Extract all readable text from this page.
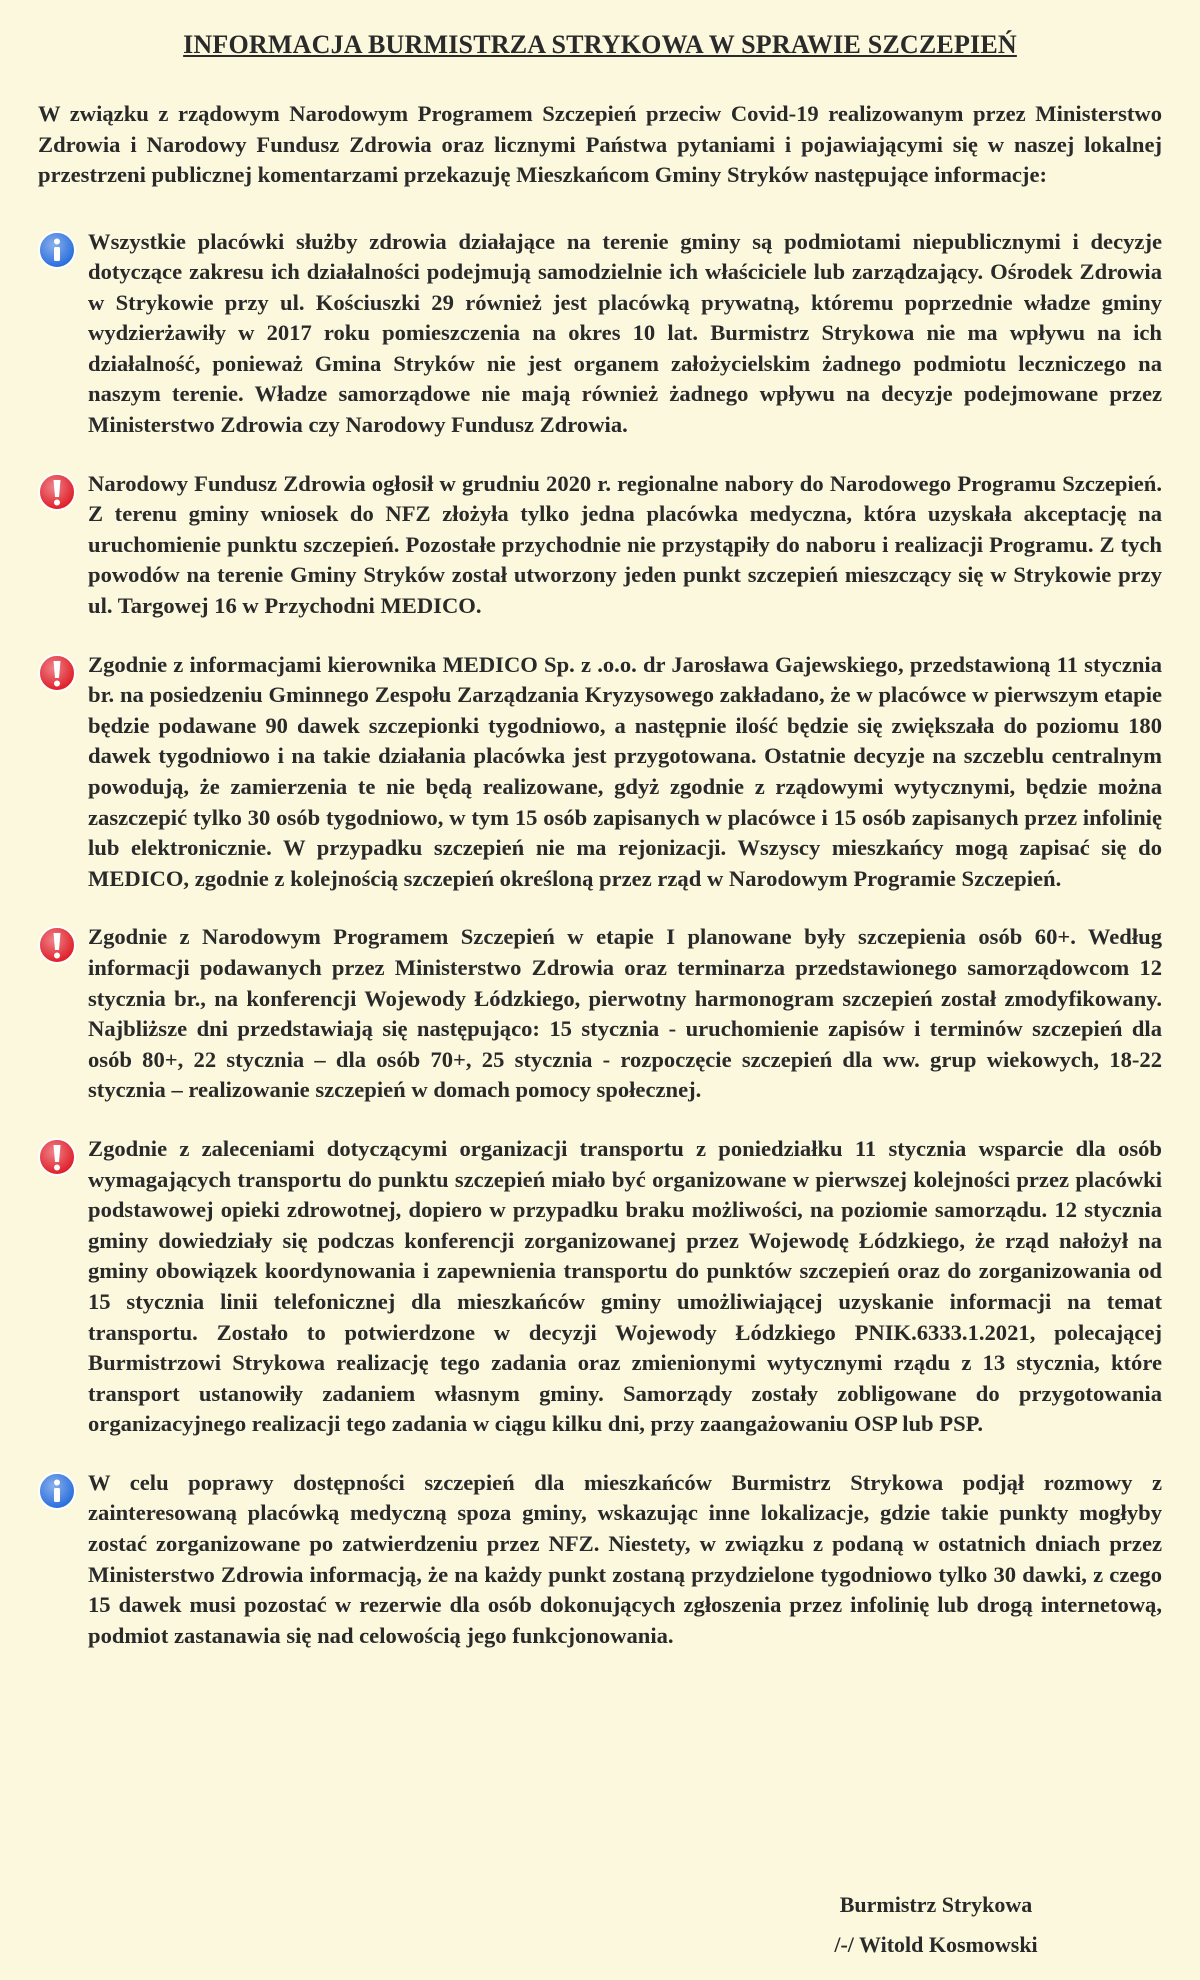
INFORMACJA BURMISTRZA STRYKOWA W SPRAWIE SZCZEPIEŃ

W związku z rządowym Narodowym Programem Szczepień przeciw Covid-19 realizowanym przez Ministerstwo Zdrowia i Narodowy Fundusz Zdrowia oraz licznymi Państwa pytaniami i pojawiającymi się w naszej lokalnej przestrzeni publicznej komentarzami przekazuję Mieszkańcom Gminy Stryków następujące informacje:

Wszystkie placówki służby zdrowia działające na terenie gminy są podmiotami niepublicznymi i decyzje dotyczące zakresu ich działalności podejmują samodzielnie ich właściciele lub zarządzający. Ośrodek Zdrowia w Strykowie przy ul. Kościuszki 29 również jest placówką prywatną, któremu poprzednie władze gminy wydzierżawiły w 2017 roku pomieszczenia na okres 10 lat. Burmistrz Strykowa nie ma wpływu na ich działalność, ponieważ Gmina Stryków nie jest organem założycielskim żadnego podmiotu leczniczego na naszym terenie. Władze samorządowe nie mają również żadnego wpływu na decyzje podejmowane przez Ministerstwo Zdrowia czy Narodowy Fundusz Zdrowia.
Narodowy Fundusz Zdrowia ogłosił w grudniu 2020 r. regionalne nabory do Narodowego Programu Szczepień. Z terenu gminy wniosek do NFZ złożyła tylko jedna placówka medyczna, która uzyskała akceptację na uruchomienie punktu szczepień. Pozostałe przychodnie nie przystąpiły do naboru i realizacji Programu. Z tych powodów na terenie Gminy Stryków został utworzony jeden punkt szczepień mieszczący się w Strykowie przy ul. Targowej 16 w Przychodni MEDICO.
Zgodnie z informacjami kierownika MEDICO Sp. z .o.o. dr Jarosława Gajewskiego, przedstawioną 11 stycznia br. na posiedzeniu Gminnego Zespołu Zarządzania Kryzysowego zakładano, że w placówce w pierwszym etapie będzie podawane 90 dawek szczepionki tygodniowo, a następnie ilość będzie się zwiększała do poziomu 180 dawek tygodniowo i na takie działania placówka jest przygotowana. Ostatnie decyzje na szczeblu centralnym powodują, że zamierzenia te nie będą realizowane, gdyż zgodnie z rządowymi wytycznymi, będzie można zaszczepić tylko 30 osób tygodniowo, w tym 15 osób zapisanych w placówce i 15 osób zapisanych przez infolinię lub elektronicznie. W przypadku szczepień nie ma rejonizacji. Wszyscy mieszkańcy mogą zapisać się do MEDICO, zgodnie z kolejnością szczepień określoną przez rząd w Narodowym Programie Szczepień.
Zgodnie z Narodowym Programem Szczepień w etapie I planowane były szczepienia osób 60+. Według informacji podawanych przez Ministerstwo Zdrowia oraz terminarza przedstawionego samorządowcom 12 stycznia br., na konferencji Wojewody Łódzkiego, pierwotny harmonogram szczepień został zmodyfikowany. Najbliższe dni przedstawiają się następująco: 15 stycznia - uruchomienie zapisów i terminów szczepień dla osób 80+, 22 stycznia – dla osób 70+, 25 stycznia - rozpoczęcie szczepień dla ww. grup wiekowych, 18-22 stycznia – realizowanie szczepień w domach pomocy społecznej.
Zgodnie z zaleceniami dotyczącymi organizacji transportu z poniedziałku 11 stycznia wsparcie dla osób wymagających transportu do punktu szczepień miało być organizowane w pierwszej kolejności przez placówki podstawowej opieki zdrowotnej, dopiero w przypadku braku możliwości, na poziomie samorządu. 12 stycznia gminy dowiedziały się podczas konferencji zorganizowanej przez Wojewodę Łódzkiego, że rząd nałożył na gminy obowiązek koordynowania i zapewnienia transportu do punktów szczepień oraz do zorganizowania od 15 stycznia linii telefonicznej dla mieszkańców gminy umożliwiającej uzyskanie informacji na temat transportu. Zostało to potwierdzone w decyzji Wojewody Łódzkiego PNIK.6333.1.2021, polecającej Burmistrzowi Strykowa realizację tego zadania oraz zmienionymi wytycznymi rządu z 13 stycznia, które transport ustanowiły zadaniem własnym gminy. Samorządy zostały zobligowane do przygotowania organizacyjnego realizacji tego zadania w ciągu kilku dni, przy zaangażowaniu OSP lub PSP.
W celu poprawy dostępności szczepień dla mieszkańców Burmistrz Strykowa podjął rozmowy z zainteresowaną placówką medyczną spoza gminy, wskazując inne lokalizacje, gdzie takie punkty mogłyby zostać zorganizowane po zatwierdzeniu przez NFZ. Niestety, w związku z podaną w ostatnich dniach przez Ministerstwo Zdrowia informacją, że na każdy punkt zostaną przydzielone tygodniowo tylko 30 dawki, z czego 15 dawek musi pozostać w rezerwie dla osób dokonujących zgłoszenia przez infolinię lub drogą internetową, podmiot zastanawia się nad celowością jego funkcjonowania.
Burmistrz Strykowa
/-/ Witold Kosmowski
